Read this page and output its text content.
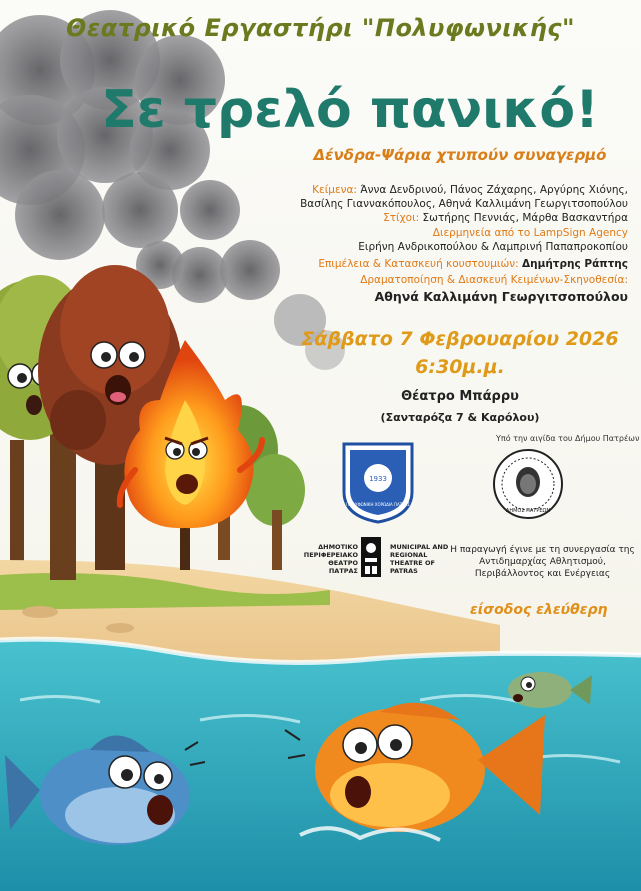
Θεατρικό Εργαστήρι "Πολυφωνικής"

Σε τρελό πανικό!

Δένδρα-Ψάρια χτυπούν συναγερμό

Κείμενα: Άννα Δενδρινού, Πάνος Ζάχαρης, Αργύρης Χιόνης,

Βασίλης Γιαννακόπουλος, Αθηνά Καλλιμάνη Γεωργιτσοπούλου

Στίχοι: Σωτήρης Πεννιάς, Μάρθα Βασκαντήρα

Διερμηνεία από το LampSign Agency

Ειρήνη Ανδρικοπούλου & Λαμπρινή Παπαπροκοπίου

Επιμέλεια & Κατασκευή κουστουμιών: Δημήτρης Ράπτης

Δραματοποίηση & Διασκευή Κειμένων-Σκηνοθεσία:

Αθηνά Καλλιμάνη Γεωργιτσοπούλου

Σάββατο 7 Φεβρουαρίου 2026

6:30μ.μ.

Θέατρο Μπάρρυ

(Σανταρόζα 7 & Καρόλου)

Υπό την αιγίδα του Δήμου Πατρέων

1933
ΠΟΛΥΦΩΝΙΚΗ ΧΟΡΩΔΙΑ ΠΑΤΡΑΣ

ΔΗΜΟΤΙΚΟ ΠΕΡΙΦΕΡΕΙΑΚΟ ΘΕΑΤΡΟ ΠΑΤΡΑΣ

MUNICIPAL AND REGIONAL THEATRE OF PATRAS

ΔΗΜΟΣ ΠΑΤΡΕΩΝ

Η παραγωγή έγινε με τη συνεργασία της Αντιδημαρχίας Αθλητισμού, Περιβάλλοντος και Ενέργειας

είσοδος ελεύθερη
